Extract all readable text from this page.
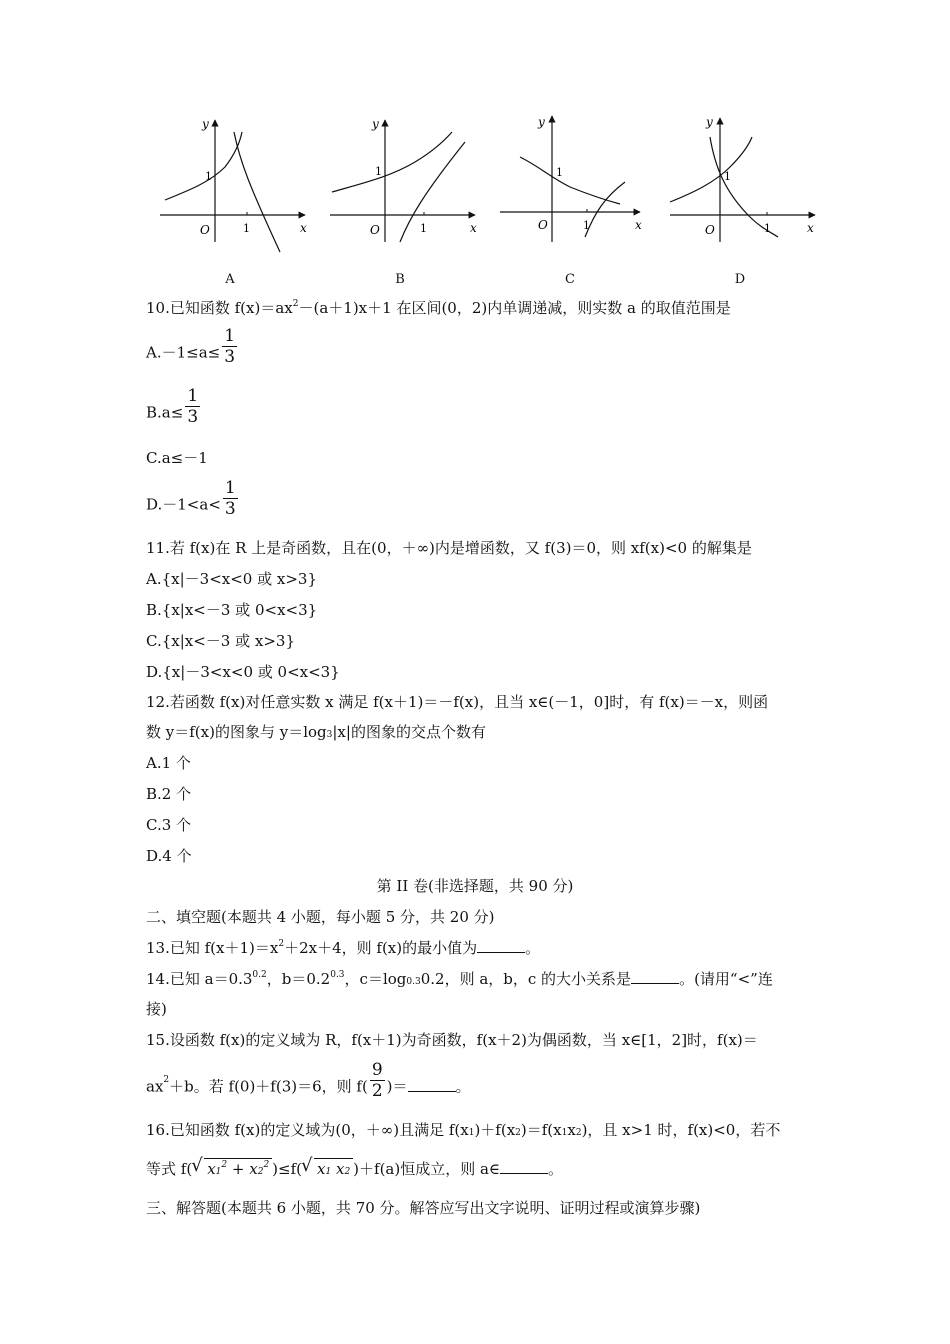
y
x
O	1
1
A
y
x
O	1
1
B
y
x
O	1
1
C
y
x
O	1
1
D
10.已知函数 $f(x)=ax^2-(a+1)x+1$ 在区间(0，2)内单调递减，则实数 a 的取值范围是
$A.-1\le a\le \frac{1}{3}$
$B.a\le \frac{1}{3}$
C.a≤－1
$D.-1<a< \frac{1}{3}$
11.若 f(x)在 R 上是奇函数，且在(0，＋∞)内是增函数，又 f(3)＝0，则 xf(x)<0 的解集是
A.{x|－3<x<0 或 x>3}
B.{x|x<－3 或 0<x<3}
C.{x|x<－3 或 x>3}
D.{x|－3<x<0 或 0<x<3}
12.若函数 f(x)对任意实数 x 满足 f(x＋1)＝－f(x)，且当 x∈(－1，0]时，有 f(x)＝－x，则函
数 y＝f(x)的图象与 $y=\log_3|x|$的图象的交点个数有
A.1 个
B.2 个
C.3 个
D.4 个
第 II 卷(非选择题，共 90 分)
二、填空题(本题共 4 小题，每小题 5 分，共 20 分)
13.已知 $f(x+1)=x^2+2x+4$，则 f(x)的最小值为	。
14.已知 $a=0.3^{0.2}$，$b=0.2^{0.3}$，$c=\log_{0.3}0.2$，则 a，b，c 的大小关系是	。(请用“<”连
接)
15.设函数 f(x)的定义域为 R，f(x＋1)为奇函数，f(x＋2)为偶函数，当 x∈[1，2]时，f(x)＝
$ax^2+b$。若 f(0)＋f(3)＝6，则 $f( \frac{9}{2}$ )＝	。
16.已知函数 f(x)的定义域为(0，＋∞)且满足 $f(x_1)+f(x_2)=f(x_1x_2)$，且 x>1 时，f(x)<0，若不
等式 f( √ $x_1^2 + x_2^2$ )≤f( √ $x_1$ $x_2$ )＋f(a)恒成立，则 a∈	。
三、解答题(本题共 6 小题，共 70 分。解答应写出文字说明、证明过程或演算步骤)
